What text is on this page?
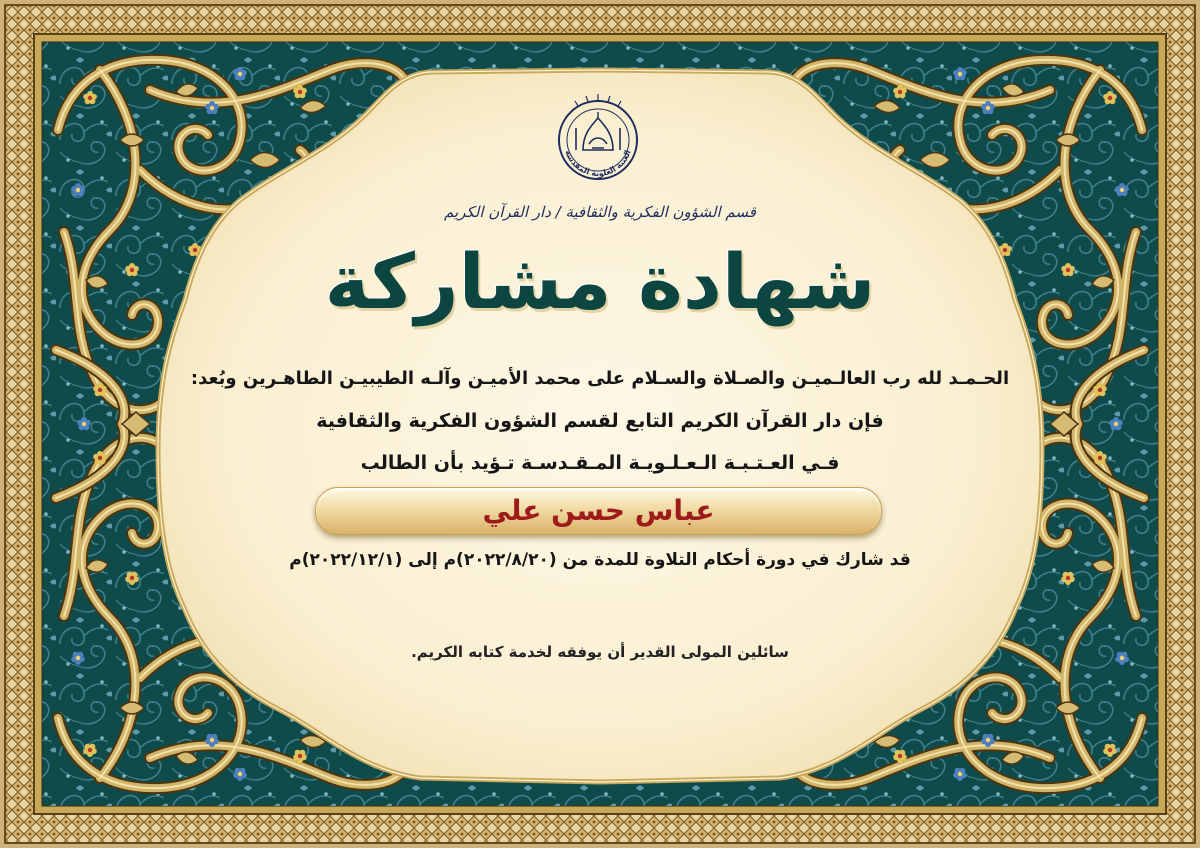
العتبة العلوية المقدسة
قسم الشؤون الفكرية والثقافية / دار القرآن الكريم
شهادة مشاركة
الحـمـد لله رب العالـميـن والصـلاة والسـلام على محمد الأميـن وآلـه الطيبيـن الطاهـرين وبُعد:
فإن دار القرآن الكريم التابع لقسم الشؤون الفكرية والثقافية
فـي العـتـبـة الـعـلـويـة المـقـدسـة تـؤيد بأن الطالب
عباس حسن علي
قد شارك في دورة أحكام التلاوة للمدة من (٢٠٢٢/٨/٢٠)م إلى (٢٠٢٢/١٢/١)م
سائلين المولى القدير أن يوفقه لخدمة كتابه الكريم.
